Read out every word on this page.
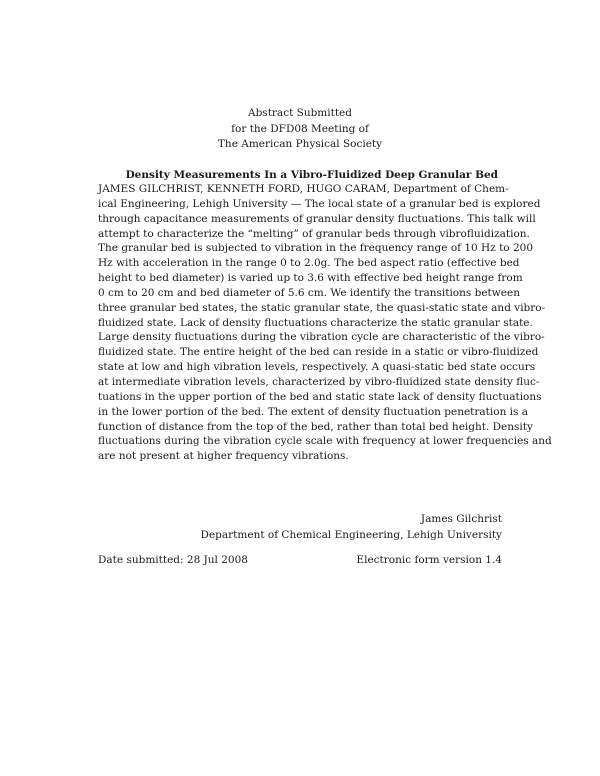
Abstract Submitted
for the DFD08 Meeting of
The American Physical Society
Density Measurements In a Vibro-Fluidized Deep Granular Bed
JAMES GILCHRIST, KENNETH FORD, HUGO CARAM, Department of Chem-
ical Engineering, Lehigh University — The local state of a granular bed is explored
through capacitance measurements of granular density fluctuations. This talk will
attempt to characterize the “melting” of granular beds through vibrofluidization.
The granular bed is subjected to vibration in the frequency range of 10 Hz to 200
Hz with acceleration in the range 0 to 2.0g. The bed aspect ratio (effective bed
height to bed diameter) is varied up to 3.6 with effective bed height range from
0 cm to 20 cm and bed diameter of 5.6 cm. We identify the transitions between
three granular bed states, the static granular state, the quasi-static state and vibro-
fluidized state. Lack of density fluctuations characterize the static granular state.
Large density fluctuations during the vibration cycle are characteristic of the vibro-
fluidized state. The entire height of the bed can reside in a static or vibro-fluidized
state at low and high vibration levels, respectively. A quasi-static bed state occurs
at intermediate vibration levels, characterized by vibro-fluidized state density fluc-
tuations in the upper portion of the bed and static state lack of density fluctuations
in the lower portion of the bed. The extent of density fluctuation penetration is a
function of distance from the top of the bed, rather than total bed height. Density
fluctuations during the vibration cycle scale with frequency at lower frequencies and
are not present at higher frequency vibrations.
James Gilchrist
Department of Chemical Engineering, Lehigh University
Date submitted: 28 Jul 2008	Electronic form version 1.4
